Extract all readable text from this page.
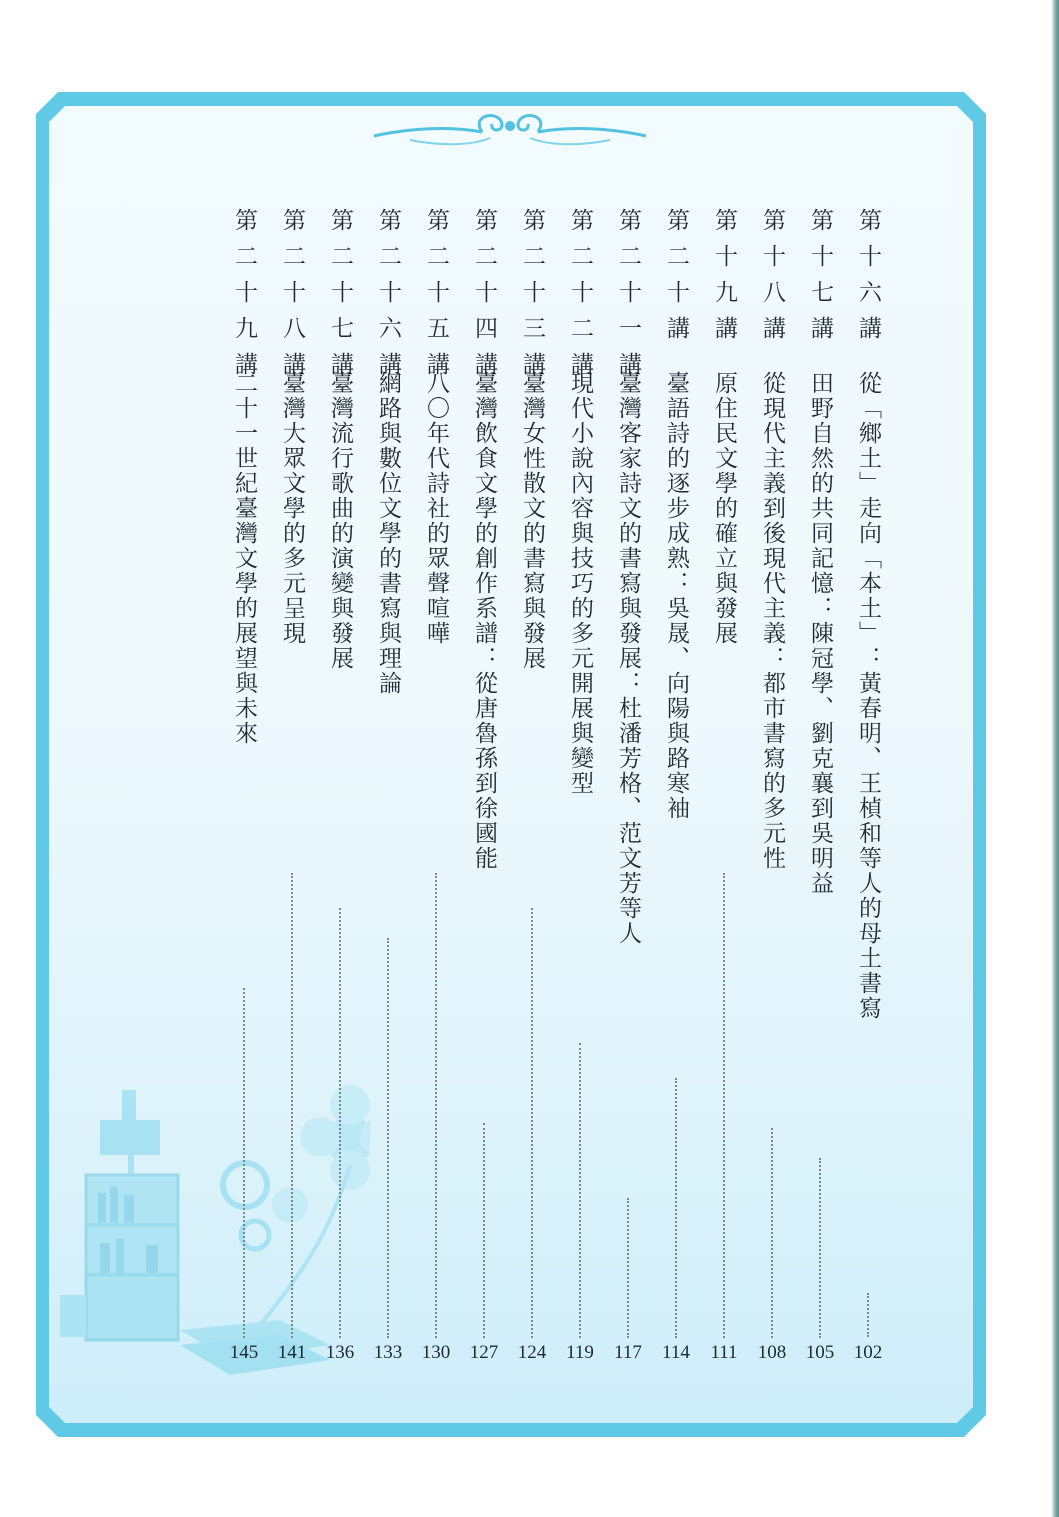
第十六講
從「鄉土」走向「本土」：黃春明、王楨和等人的母土書寫
102
第十七講
田野自然的共同記憶：陳冠學、劉克襄到吳明益
105
第十八講
從現代主義到後現代主義：都市書寫的多元性
108
第十九講
原住民文學的確立與發展
111
第二十講
臺語詩的逐步成熟：吳晟、向陽與路寒袖
114
第二十一講
臺灣客家詩文的書寫與發展：杜潘芳格、范文芳等人
117
第二十二講
現代小說內容與技巧的多元開展與變型
119
第二十三講
臺灣女性散文的書寫與發展
124
第二十四講
臺灣飲食文學的創作系譜：從唐魯孫到徐國能
127
第二十五講
八〇年代詩社的眾聲喧嘩
130
第二十六講
網路與數位文學的書寫與理論
133
第二十七講
臺灣流行歌曲的演變與發展
136
第二十八講
臺灣大眾文學的多元呈現
141
第二十九講
二十一世紀臺灣文學的展望與未來
145
